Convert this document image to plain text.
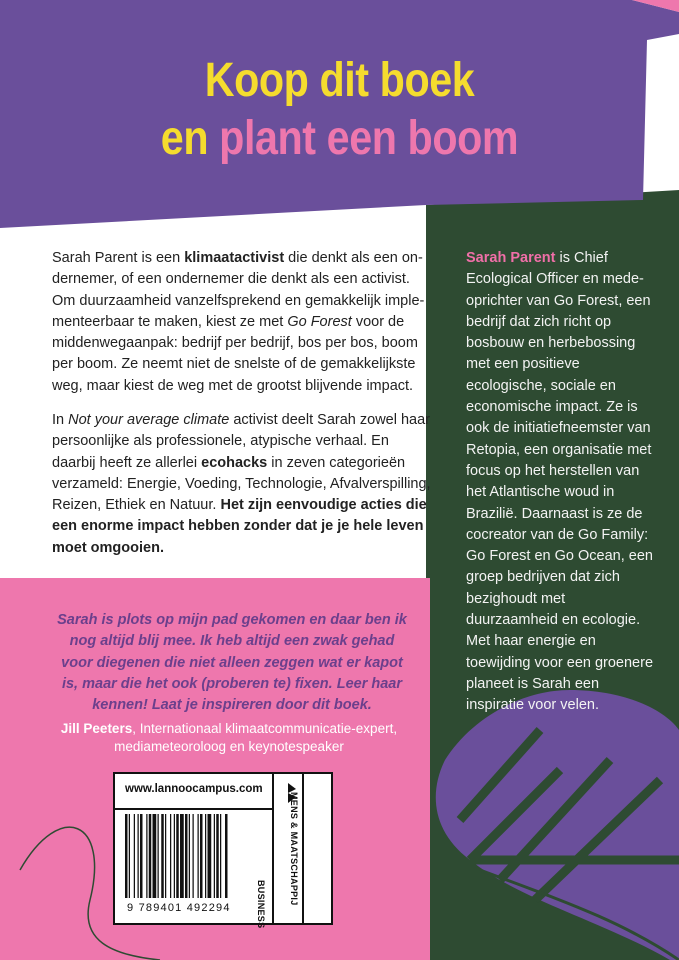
Koop dit boek
en plant een boom

Sarah Parent is een klimaatactivist die denkt als een ondernemer, of een ondernemer die denkt als een activist. Om duurzaamheid vanzelfsprekend en gemakkelijk implementeerbaar te maken, kiest ze met Go Forest voor de middenwegaanpak: bedrijf per bedrijf, bos per bos, boom per boom. Ze neemt niet de snelste of de gemakkelijkste weg, maar kiest de weg met de grootst blijvende impact.

In Not your average climate activist deelt Sarah zowel haar persoonlijke als professionele, atypische verhaal. En daarbij heeft ze allerlei ecohacks in zeven categorieën verzameld: Energie, Voeding, Technologie, Afvalverspilling, Reizen, Ethiek en Natuur. Het zijn eenvoudige acties die een enorme impact hebben zonder dat je je hele leven moet omgooien.

Sarah Parent is Chief Ecological Officer en medeoprichter van Go Forest, een bedrijf dat zich richt op bosbouw en herbebossing met een positieve ecologische, sociale en economische impact. Ze is ook de initiatiefneemster van Retopia, een organisatie met focus op het herstellen van het Atlantische woud in Brazilië. Daarnaast is ze de cocreator van de Go Family: Go Forest en Go Ocean, een groep bedrijven dat zich bezighoudt met duurzaamheid en ecologie. Met haar energie en toewijding voor een groenere planeet is Sarah een inspiratie voor velen.
Sarah is plots op mijn pad gekomen en daar ben ik nog altijd blij mee. Ik heb altijd een zwak gehad voor diegenen die niet alleen zeggen wat er kapot is, maar die het ook (proberen te) fixen. Leer haar kennen! Laat je inspireren door dit boek.
Jill Peeters, Internationaal klimaatcommunicatie-expert, mediameteoroloog en keynotespeaker
www.lannoocampus.com
9 789401 492294	BUSINESS	MENS & MAATSCHAPPIJ
